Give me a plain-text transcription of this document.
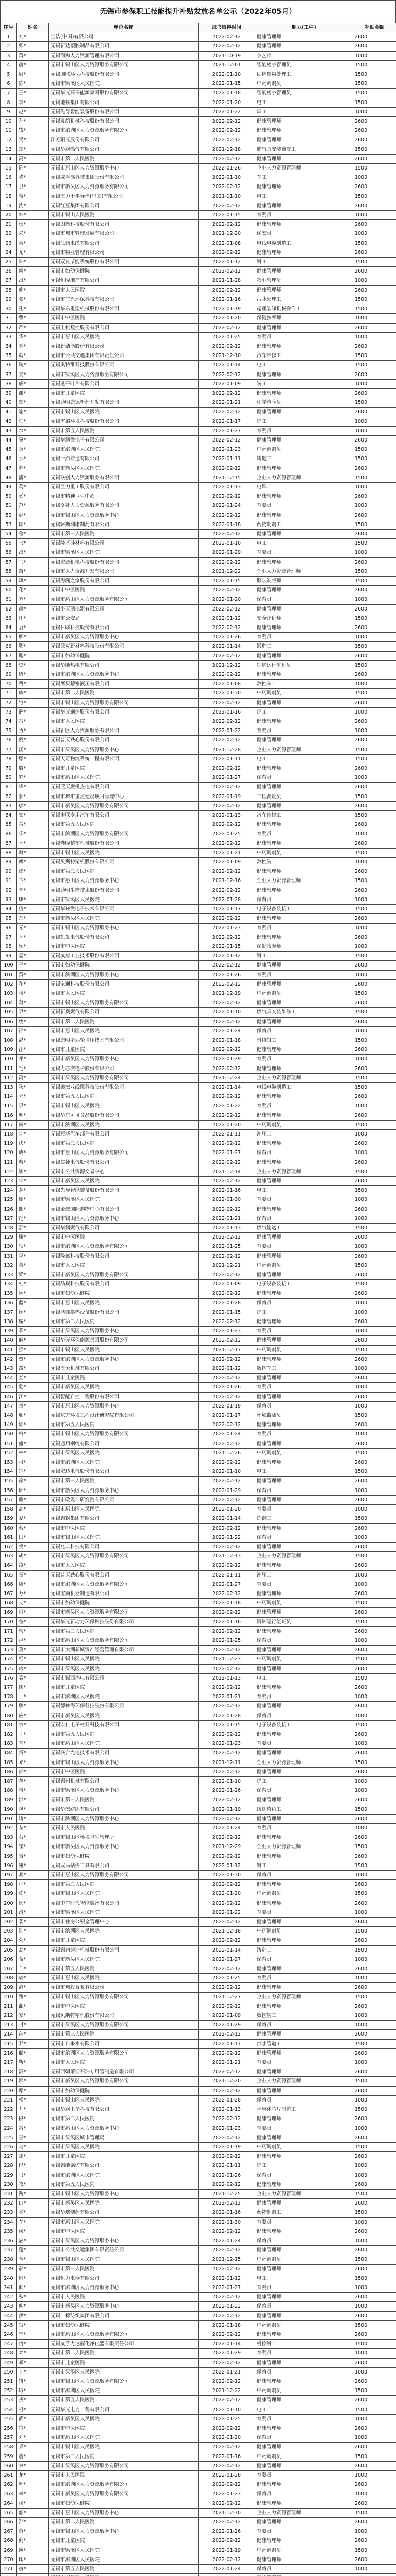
无锡市参保职工技能提升补贴发放名单公示（2022年05月）
序号	姓名	单位名称	证书取得时间	职业(工种)	补贴金额
1	刘*	宝洁(中国)有限公司	2022-02-12	健康管理师	2600
2	张*	无锡新达塑胶制品有限公司	2022-02-12	健康管理师	2600
3	黄*	无锡润和人力资源管理有限公司	2021-10-19	茶艺师	1000
4	俞*	无锡市锡山区人力资源服务有限公司	2021-12-01	智能楼宇管理员	1500
5	周*	无锡国联环保科技股份有限公司	2022-01-10	固体废物处理工	1500
6	陈*	无锡市梁溪区人民医院	2022-01-15	中药调剂员	1500
7	王*	无锡华光环保能源集团股份有限公司	2022-01-18	智能楼宇管理员	1500
8	李*	无锡地铁集团有限公司	2022-01-20	电工	1500
9	赵*	无锡先导智能装备股份有限公司	2022-01-22	焊工	1000
10	孙*	无锡灵鸽机械科技股份有限公司	2022-02-12	健康管理师	2600
11	钱*	无锡市滨湖区人力资源服务有限公司	2022-02-12	健康管理师	2600
12	吴*	江苏阳光股份有限公司	2022-02-12	健康管理师	2600
13	郑*	无锡华润燃气有限公司	2021-12-18	燃气具安装维修工	1500
14	冯*	无锡市第二人民医院	2022-02-12	健康管理师	2600
15	陈*	无锡市惠山区人力资源服务中心	2022-01-26	企业人力资源管理师	1500
16	褚*	无锡威孚高科技集团股份有限公司	2022-01-10	车工	1000
17	卫*	无锡市新吴区人力资源服务有限公司	2022-02-12	健康管理师	2600
18	蒋*	无锡海力士半导体(中国)有限公司	2021-11-10	电工	1500
19	沈*	无锡红豆集团有限公司	2022-02-12	健康管理师	2600
20	韩*	无锡市锡山人民医院	2022-01-15	育婴员	1000
21	杨*	无锡朗新科技股份有限公司	2022-02-12	健康管理师	2600
22	朱*	无锡市城市管理发展有限公司	2021-12-20	保安员	1000
23	秦*	无锡江南电缆有限公司	2022-01-08	电线电缆制造工	1500
24	尤*	无锡市物业管理有限公司	2022-02-12	健康管理师	2600
25	许*	无锡双良节能系统股份有限公司	2022-01-12	钳工	1500
26	何*	无锡市妇幼保健院	2022-02-12	健康管理师	2600
27	吕*	无锡恒隆地产有限公司	2021-11-28	物业管理员	1000
28	施*	无锡市人民医院	2022-02-12	健康管理师	2600
29	张*	无锡市宜兴环保科技有限公司	2022-01-16	污水处理工	1500
30	孔*	无锡华东重型机械股份有限公司	2022-01-19	起重装卸机械操作工	1500
31	曹*	无锡市中医医院	2022-01-20	保健按摩师	1000
32	严*	无锡上机数控股份有限公司	2022-02-12	健康管理师	2600
33	华*	无锡市惠山区人民医院	2022-01-25	育婴员	1000
34	金*	无锡新洁能股份有限公司	2022-02-12	健康管理师	2600
35	魏*	无锡市公共交通集团有限责任公司	2021-12-10	汽车维修工	1500
36	陶*	无锡奥特维科技股份有限公司	2022-01-14	电工	1500
37	姜*	无锡市梁溪区人力资源服务有限公司	2022-02-12	健康管理师	2600
38	戚*	无锡透平叶片有限公司	2022-01-09	铣工	1000
39	谢*	无锡市儿童医院	2022-02-12	健康管理师	2600
40	邹*	无锡药明康德新药开发有限公司	2022-01-21	化学检验员	1500
41	喻*	无锡市锡山区人民医院	2022-02-12	健康管理师	2600
42	柏*	无锡雪浪环境科技股份有限公司	2022-01-17	焊工	1000
43	水*	无锡市第五人民医院	2022-01-27	育婴员	1000
44	窦*	无锡华润微电子有限公司	2022-02-12	健康管理师	2600
45	章*	无锡市滨湖区人民医院	2022-01-23	中药调剂员	1500
46	云*	无锡一汽铸造有限公司	2022-01-11	铸造工	1500
47	苏*	无锡市新吴区人民医院	2022-02-12	健康管理师	2600
48	潘*	无锡联创人力资源服务有限公司	2021-12-15	企业人力资源管理师	1500
49	葛*	无锡巨力重工股份有限公司	2022-01-13	电焊工	1000
50	奚*	无锡市精神卫生中心	2022-02-12	健康管理师	2600
51	范*	无锡洛社人力资源服务有限公司	2022-01-24	育婴员	1000
52	彭*	无锡市锡山区人力资源服务中心	2022-02-12	健康管理师	2600
53	郎*	无锡阿斯利康制药有限公司	2022-01-18	药物制剂工	1500
54	鲁*	无锡市第三人民医院	2022-02-12	健康管理师	2600
55	韦*	无锡隆基硅材料有限公司	2022-01-10	电工	1500
56	昌*	无锡市梁溪区人民医院	2022-01-29	育婴员	1000
57	马*	无锡宏源机电科技股份有限公司	2022-02-12	健康管理师	2600
58	苗*	无锡市人力资源开发有限公司	2021-12-22	企业人力资源管理师	1500
59	凤*	无锡海澜之家股份有限公司	2022-01-15	服装制版师	1500
60	花*	无锡市中医医院	2022-02-12	健康管理师	2600
61	方*	无锡市惠山区人力资源服务有限公司	2022-01-20	保育员	1000
62	俞*	无锡小天鹅电器有限公司	2022-02-12	健康管理师	2600
63	任*	无锡市公安局	2022-01-12	安全评价师	1500
64	袁*	无锡日联科技股份有限公司	2022-02-12	健康管理师	2600
65	柳*	无锡市新吴区人力资源服务中心	2022-01-26	育婴员	1000
66	酆*	无锡派克新材料科技股份有限公司	2022-01-14	锻造工	1500
67	鲍*	无锡市妇幼保健院	2022-02-12	健康管理师	2600
68	史*	无锡华能热电有限公司	2021-12-12	锅炉运行值班员	1500
69	唐*	无锡市滨湖区人力资源服务中心	2022-02-12	健康管理师	2600
70	费*	无锡鹰贝精密液压有限公司	2022-01-08	数控车工	1000
71	廉*	无锡市第二人民医院	2022-01-30	中药调剂员	1500
72	岑*	无锡市锡山区人力资源服务有限公司	2022-02-12	健康管理师	2600
73	薛*	无锡华光锅炉股份有限公司	2022-01-16	焊工	1000
74	雷*	无锡市人民医院	2022-02-12	健康管理师	2600
75	贺*	无锡新区人力资源服务有限公司	2022-01-22	育婴员	1000
76	倪*	无锡普天铁心股份有限公司	2022-02-12	健康管理师	2600
77	汤*	无锡市梁溪区人力资源服务中心	2021-12-28	企业人力资源管理师	1500
78	滕*	无锡天奇物流系统工程有限公司	2022-01-11	电工	1500
79	殷*	无锡市儿童医院	2022-02-12	健康管理师	2600
80	罗*	无锡市惠山区人民医院	2022-01-27	保育员	1000
81	毕*	无锡蓝天燃机热电有限公司	2022-02-12	健康管理师	2600
82	郝*	无锡市城市重点建设项目管理中心	2022-01-19	工程测量员	1500
83	邬*	无锡市新吴区人力资源服务有限公司	2022-02-12	健康管理师	2600
84	安*	无锡申联专用汽车有限公司	2022-01-13	汽车维修工	1500
85	常*	无锡市第五人民医院	2022-02-12	健康管理师	2600
86	乐*	无锡市滨湖区人力资源服务有限公司	2022-01-25	育婴员	1000
87	于*	无锡烨隆精密机械股份有限公司	2022-02-12	健康管理师	2600
88	时*	无锡市锡山区人民医院	2022-01-21	中药调剂员	1500
89	傅*	无锡贝斯特精机股份有限公司	2022-01-09	数控铣工	1000
90	皮*	无锡市第三人民医院	2022-02-12	健康管理师	2600
91	卞*	无锡市惠山区人力资源服务中心	2021-12-16	企业人力资源管理师	1500
92	齐*	无锡药明生物技术股份有限公司	2022-02-12	健康管理师	2600
93	康*	无锡市梁溪区人民医院	2022-01-28	保育员	1000
94	伍*	无锡华瑛微电子技术有限公司	2022-01-17	电子设备装接工	1500
95	余*	无锡市新吴区人民医院	2022-02-12	健康管理师	2600
96	元*	无锡市锡山区人力资源服务中心	2022-01-23	育婴员	1000
97	卜*	无锡凯发电气股份有限公司	2022-02-12	健康管理师	2600
98	顾*	无锡市中医医院	2022-01-15	保健按摩师	1000
99	孟*	无锡威唐工业技术股份有限公司	2022-01-12	钳工	1500
100	平*	无锡市妇幼保健院	2022-02-12	健康管理师	2600
101	黄*	无锡市滨湖区人力资源服务中心	2022-01-26	育婴员	1000
102	和*	无锡宝通科技股份有限公司	2022-02-12	健康管理师	2600
103	穆*	无锡市人民医院	2021-12-19	中药调剂员	1500
104	萧*	无锡市锡山区人力资源服务有限公司	2022-02-12	健康管理师	2600
105	尹*	无锡新奥燃气有限公司	2022-01-10	燃气具安装维修工	1500
106	姚*	无锡市第二人民医院	2022-02-12	健康管理师	2600
107	邵*	无锡市惠山区人民医院	2022-01-24	保育员	1000
108	湛*	无锡康明斯涡轮增压技术有限公司	2022-01-18	机修钳工	1500
109	汪*	无锡市儿童医院	2022-02-12	健康管理师	2600
110	祁*	无锡市新吴区人力资源服务中心	2022-01-29	育婴员	1000
111	毛*	无锡力芯微电子股份有限公司	2022-02-12	健康管理师	2600
112	禹*	无锡市梁溪区人力资源服务有限公司	2021-12-24	企业人力资源管理师	1500
113	狄*	无锡鑫宏业线缆科技股份有限公司	2022-01-14	电线电缆制造工	1500
114	米*	无锡市第五人民医院	2022-02-12	健康管理师	2600
115	贝*	无锡市锡山区人民医院	2022-01-22	育婴员	1000
116	明*	无锡华东可可食品股份有限公司	2022-02-12	健康管理师	2600
117	臧*	无锡市滨湖区人民医院	2022-01-20	中药调剂员	1500
118	计*	无锡振华汽车部件有限公司	2022-01-11	冲压工	1000
119	伏*	无锡市第三人民医院	2022-02-12	健康管理师	2600
120	成*	无锡市惠山区人力资源服务有限公司	2022-01-27	保育员	1000
121	戴*	无锡信捷电气股份有限公司	2022-02-12	健康管理师	2600
122	谈*	无锡市公共资源交易中心	2021-12-14	企业人力资源管理师	1500
123	宋*	无锡市新吴区人民医院	2022-02-12	健康管理师	2600
124	茅*	无锡先导智能装备股份有限公司	2022-01-16	电工	1500
125	庞*	无锡市梁溪区人民医院	2022-01-30	育婴员	1000
126	熊*	无锡金鹰国际购物中心有限公司	2022-02-12	健康管理师	2600
127	纪*	无锡市锡山区人力资源服务中心	2022-01-21	保育员	1000
128	舒*	无锡华润燃气有限公司	2022-01-13	燃气输送工	1500
129	屈*	无锡市中医医院	2022-02-12	健康管理师	2600
130	项*	无锡市滨湖区人力资源服务有限公司	2022-01-25	育婴员	1000
131	祝*	无锡隆盛科技股份有限公司	2022-02-12	健康管理师	2600
132	董*	无锡市人民医院	2021-12-21	中药调剂员	1500
133	梁*	无锡市新吴区人力资源服务有限公司	2022-02-12	健康管理师	2600
134	杜*	无锡晶晟科技股份有限公司	2022-01-09	电子设备装接工	1500
135	阮*	无锡市妇幼保健院	2022-02-12	健康管理师	2600
136	蓝*	无锡市惠山区人民医院	2022-01-28	保育员	1000
137	闵*	无锡鼎邦换热设备股份有限公司	2022-01-15	焊工	1000
138	席*	无锡市第二人民医院	2022-02-12	健康管理师	2600
139	季*	无锡市梁溪区人力资源服务中心	2022-01-23	育婴员	1000
140	麻*	无锡华光环保能源集团股份有限公司	2022-02-12	健康管理师	2600
141	强*	无锡市锡山区人民医院	2021-12-17	中药调剂员	1500
142	贾*	无锡市滨湖区人力资源服务中心	2022-02-12	健康管理师	2600
143	路*	无锡海天机械有限公司	2022-01-12	数控车工	1000
144	娄*	无锡市儿童医院	2022-02-12	健康管理师	2600
145	危*	无锡市新吴区人民医院	2022-01-26	育婴员	1000
146	江*	无锡智能自控工程股份有限公司	2022-02-12	健康管理师	2600
147	童*	无锡市惠山区人力资源服务中心	2022-01-19	保育员	1000
148	颜*	无锡东方环境工程设计研究院有限公司	2022-01-17	环境监测员	1500
149	郭*	无锡市第五人民医院	2022-02-12	健康管理师	2600
150	梅*	无锡市锡山区人力资源服务有限公司	2022-01-24	育婴员	1000
151	盛*	无锡通用钢绳有限公司	2022-02-12	健康管理师	2600
152	林*	无锡市梁溪区人民医院	2021-12-26	中药调剂员	1500
153	刁*	无锡市滨湖区人民医院	2022-02-12	健康管理师	2600
154	钟*	无锡宏达电气股份有限公司	2022-01-10	电工	1500
155	徐*	无锡市第三人民医院	2022-02-12	健康管理师	2600
156	邱*	无锡市新吴区人力资源服务中心	2022-01-29	保育员	1000
157	骆*	无锡市政设计研究院有限公司	2022-02-12	健康管理师	2600
158	高*	无锡市惠山区人民医院	2022-01-20	育婴员	1000
159	夏*	无锡锡钢集团有限公司	2022-01-14	炼钢工	1500
160	蔡*	无锡市中医医院	2022-02-12	健康管理师	2600
161	田*	无锡市锡山区人民医院	2022-01-22	保育员	1000
162	樊*	无锡兆丰科技有限公司	2022-02-12	健康管理师	2600
163	胡*	无锡市梁溪区人力资源服务有限公司	2021-12-13	企业人力资源管理师	1500
164	凌*	无锡市人民医院	2022-02-12	健康管理师	2600
165	霍*	无锡普天铁心股份有限公司	2022-01-11	冲压工	1000
166	虞*	无锡市滨湖区人力资源服务有限公司	2022-01-27	育婴员	1000
167	万*	无锡宝南机器制造有限公司	2022-02-12	健康管理师	2600
168	支*	无锡市妇幼保健院	2022-01-18	中药调剂员	1500
169	柯*	无锡市新吴区人力资源服务有限公司	2022-02-12	健康管理师	2600
170	昝*	无锡华光新动力环保科技股份有限公司	2022-01-16	锅炉运行值班员	1500
171	管*	无锡市第二人民医院	2022-02-12	健康管理师	2600
172	卢*	无锡市惠山区人力资源服务有限公司	2022-01-25	保育员	1000
173	莫*	无锡市太湖新城资产经营管理有限公司	2022-02-12	健康管理师	2600
174	经*	无锡市锡山区人民医院	2021-12-23	中药调剂员	1500
175	房*	无锡市梁溪区人民医院	2022-02-12	健康管理师	2600
176	裘*	无锡市锡西热电有限公司	2022-01-13	电工	1500
177	缪*	无锡市儿童医院	2022-02-12	健康管理师	2600
178	干*	无锡市滨湖区人民医院	2022-01-21	育婴员	1000
179	解*	无锡德林海环保科技股份有限公司	2022-02-12	健康管理师	2600
180	应*	无锡市新吴区人民医院	2022-01-28	保育员	1000
181	宗*	无锡宏仁电子材料科技有限公司	2022-01-15	电子设备装接工	1500
182	丁*	无锡市第五人民医院	2022-02-12	健康管理师	2600
183	宣*	无锡市惠山区人民医院	2022-01-23	育婴员	1000
184	贲*	无锡联合光电技术有限公司	2022-02-12	健康管理师	2600
185	邓*	无锡市锡山区人力资源服务中心	2021-12-11	企业人力资源管理师	1500
186	郁*	无锡市中医医院	2022-02-12	健康管理师	2600
187	单*	无锡锡州机械有限公司	2022-01-10	焊工	1000
188	杭*	无锡市梁溪区人力资源服务中心	2022-01-26	保育员	1000
189	洪*	无锡市第三人民医院	2022-02-12	健康管理师	2600
190	包*	无锡华宏纺织有限公司	2022-01-19	纺织染色工	1500
191	诸*	无锡市滨湖区人力资源服务中心	2022-02-12	健康管理师	2600
192	左*	无锡市人民医院	2022-01-24	育婴员	1000
193	石*	无锡市锡山区环境卫生管理所	2022-02-12	健康管理师	2600
194	崔*	无锡市新吴区人力资源服务中心	2021-12-29	企业人力资源管理师	1500
195	吉*	无锡市妇幼保健院	2022-02-12	健康管理师	2600
196	钮*	无锡双马钻探工具有限公司	2022-01-12	钳工	1500
197	龚*	无锡市惠山区人力资源服务有限公司	2022-01-30	保育员	1000
198	程*	无锡市第二人民医院	2022-02-12	健康管理师	2600
199	嵇*	无锡市锡山区人民医院	2022-01-20	中药调剂员	1500
200	邢*	无锡中车时代智能装备有限公司	2022-02-12	健康管理师	2600
201	滑*	无锡市梁溪区人民医院	2022-01-22	育婴员	1000
202	裴*	无锡市住房公积金管理中心	2022-02-12	健康管理师	2600
203	陆*	无锡市滨湖区人民医院	2021-12-18	中药调剂员	1500
204	荣*	无锡市儿童医院	2022-02-12	健康管理师	2600
205	翁*	无锡锡南铸造机械股份有限公司	2022-01-14	铸造工	1500
206	荀*	无锡市新吴区人民医院	2022-01-27	保育员	1000
207	羊*	无锡市第五人民医院	2022-02-12	健康管理师	2600
208	於*	无锡市惠山区人民医院	2022-01-25	育婴员	1000
209	惠*	无锡市城投置业有限公司	2022-02-12	健康管理师	2600
210	甄*	无锡市锡山区人力资源服务有限公司	2021-12-27	企业人力资源管理师	1500
211	曲*	无锡市中医医院	2022-02-12	健康管理师	2600
212	家*	无锡贝斯特精机股份有限公司	2022-01-09	数控铣工	1000
213	封*	无锡市梁溪区人力资源服务有限公司	2022-01-29	保育员	1000
214	芮*	无锡市第三人民医院	2022-02-12	健康管理师	2600
215	羿*	无锡市自来水有限公司	2022-01-17	供水管道工	1500
216	储*	无锡市滨湖区人力资源服务有限公司	2022-02-12	健康管理师	2600
217	靳*	无锡市人民医院	2022-01-21	育婴员	1000
218	汲*	无锡西姆莱斯石油专用管制造有限公司	2022-02-12	健康管理师	2600
219	邴*	无锡市新吴区人力资源服务有限公司	2021-12-20	企业人力资源管理师	1500
220	糜*	无锡市妇幼保健院	2022-02-12	健康管理师	2600
221	松*	无锡市锡山区人民医院	2022-01-28	保育员	1000
222	井*	无锡华润上华科技有限公司	2022-01-13	半导体芯片制造工	1500
223	段*	无锡市第二人民医院	2022-02-12	健康管理师	2600
224	富*	无锡市惠山区人力资源服务中心	2022-01-23	育婴员	1000
225	巫*	无锡市梁溪区城市管理局	2022-02-12	健康管理师	2600
226	乌*	无锡市梁溪区人民医院	2022-01-19	中药调剂员	1500
227	焦*	无锡市儿童医院	2022-02-12	健康管理师	2600
228	巴*	无锡锡能锅炉有限公司	2022-01-11	焊工	1000
229	弓*	无锡市滨湖区人民医院	2022-01-26	保育员	1000
230	牧*	无锡市第五人民医院	2022-02-12	健康管理师	2600
231	隗*	无锡市锡山区人力资源服务中心	2021-12-25	企业人力资源管理师	1500
232	山*	无锡市新吴区人民医院	2022-02-12	健康管理师	2600
233	谷*	无锡华瑞制药有限公司	2022-01-16	药物制剂工	1500
234	车*	无锡市惠山区人民医院	2022-01-30	育婴员	1000
235	侯*	无锡市中医医院	2022-02-12	健康管理师	2600
236	宓*	无锡市梁溪区人力资源服务中心	2022-01-24	保育员	1000
237	蓬*	无锡市公共交通集团有限责任公司	2022-02-12	健康管理师	2600
238	全*	无锡市锡山区人民医院	2021-12-15	中药调剂员	1500
239	郗*	无锡市第三人民医院	2022-02-12	健康管理师	2600
240	班*	无锡恒力电器有限公司	2022-01-12	电工	1500
241	仰*	无锡市滨湖区人力资源服务中心	2022-01-27	育婴员	1000
242	秋*	无锡市人民医院	2022-02-12	健康管理师	2600
243	仲*	无锡市新吴区人力资源服务中心	2022-01-22	保育员	1000
244	伊*	无锡一棉纺织集团有限公司	2022-02-12	健康管理师	2600
245	宫*	无锡市妇幼保健院	2022-01-18	中药调剂员	1500
246	宁*	无锡市惠山区人力资源服务有限公司	2022-02-12	健康管理师	2600
247	仇*	无锡威孚力达催化净化器有限责任公司	2022-01-14	机修钳工	1500
248	栾*	无锡市第二人民医院	2022-01-29	育婴员	1000
249	暴*	无锡市儿童医院	2022-02-12	健康管理师	2600
250	甘*	无锡市梁溪区人民医院	2022-01-21	保育员	1000
251	钭*	无锡市锡山区人力资源服务有限公司	2022-02-12	健康管理师	2600
252	厉*	无锡市滨湖区人民医院	2021-12-22	中药调剂员	1500
253	戎*	无锡市第五人民医院	2022-02-12	健康管理师	2600
254	祖*	无锡华光电力工程有限公司	2022-01-10	电工	1500
255	武*	无锡市新吴区人民医院	2022-01-25	育婴员	1000
256	符*	无锡市中医医院	2022-02-12	健康管理师	2600
257	刘*	无锡市惠山区人民医院	2022-01-20	保育员	1000
258	景*	无锡市锡山区人民医院	2022-02-12	健康管理师	2600
259	詹*	无锡市第三人民医院	2022-01-16	中药调剂员	1500
260	束*	无锡市梁溪区人力资源服务有限公司	2022-02-12	健康管理师	2600
261	龙*	无锡市人民医院	2022-01-28	育婴员	1000
262	叶*	无锡市滨湖区人力资源服务有限公司	2022-02-12	健康管理师	2600
263	幸*	无锡市新吴区人力资源服务有限公司	2022-01-23	保育员	1000
264	司*	无锡市妇幼保健院	2022-02-12	健康管理师	2600
265	韶*	无锡市惠山区人力资源服务中心	2021-12-30	企业人力资源管理师	1500
266	郜*	无锡市第二人民医院	2022-02-12	健康管理师	2600
267	黎*	无锡市锡山区人力资源服务中心	2022-01-26	育婴员	1000
268	蓟*	无锡市儿童医院	2022-02-12	健康管理师	2600
269	薄*	无锡市梁溪区人民医院	2022-01-19	中药调剂员	1500
270	印*	无锡市滨湖区人民医院	2022-02-12	健康管理师	2600
271	宿*	无锡市第五人民医院	2022-01-24	保育员	1000
